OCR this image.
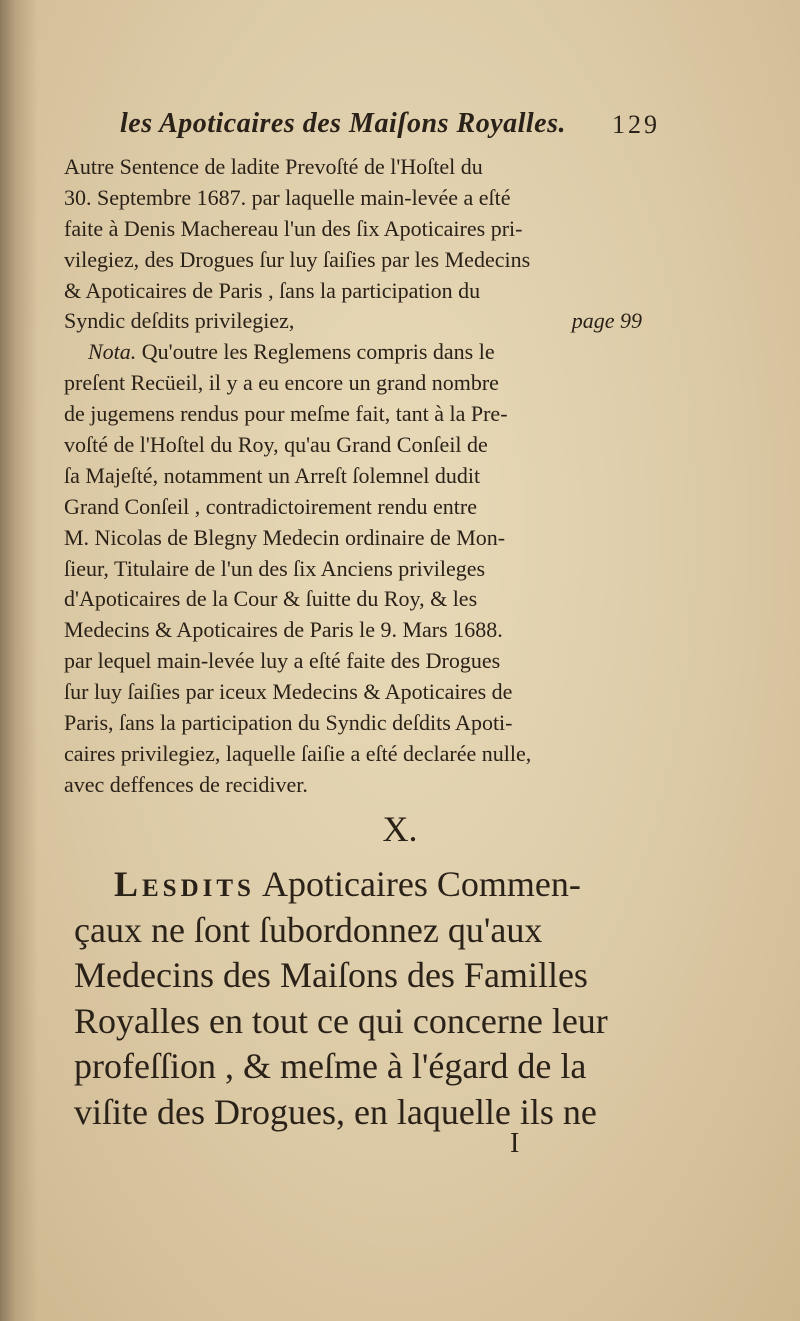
les Apoticaires des Maiſons Royalles. 129
Autre Sentence de ladite Prevoſté de l'Hoſtel du
30. Septembre 1687. par laquelle main-levée a eſté
faite à Denis Machereau l'un des ſix Apoticaires pri-
vilegiez, des Drogues ſur luy ſaiſies par les Medecins
& Apoticaires de Paris , ſans la participation du
Syndic deſdits privilegiez,	page 99
Nota. Qu'outre les Reglemens compris dans le
preſent Recüeil, il y a eu encore un grand nombre
de jugemens rendus pour meſme fait, tant à la Pre-
voſté de l'Hoſtel du Roy, qu'au Grand Conſeil de
ſa Majeſté, notamment un Arreſt ſolemnel dudit
Grand Conſeil , contradictoirement rendu entre
M. Nicolas de Blegny Medecin ordinaire de Mon-
ſieur, Titulaire de l'un des ſix Anciens privileges
d'Apoticaires de la Cour & ſuitte du Roy, & les
Medecins & Apoticaires de Paris le 9. Mars 1688.
par lequel main-levée luy a eſté faite des Drogues
ſur luy ſaiſies par iceux Medecins & Apoticaires de
Paris, ſans la participation du Syndic deſdits Apoti-
caires privilegiez, laquelle ſaiſie a eſté declarée nulle,
avec deffences de recidiver.
X.
Lesdits Apoticaires Commen-
çaux ne ſont ſubordonnez qu'aux
Medecins des Maiſons des Familles
Royalles en tout ce qui concerne leur
profeſſion , & meſme à l'égard de la
viſite des Drogues, en laquelle ils ne
I
